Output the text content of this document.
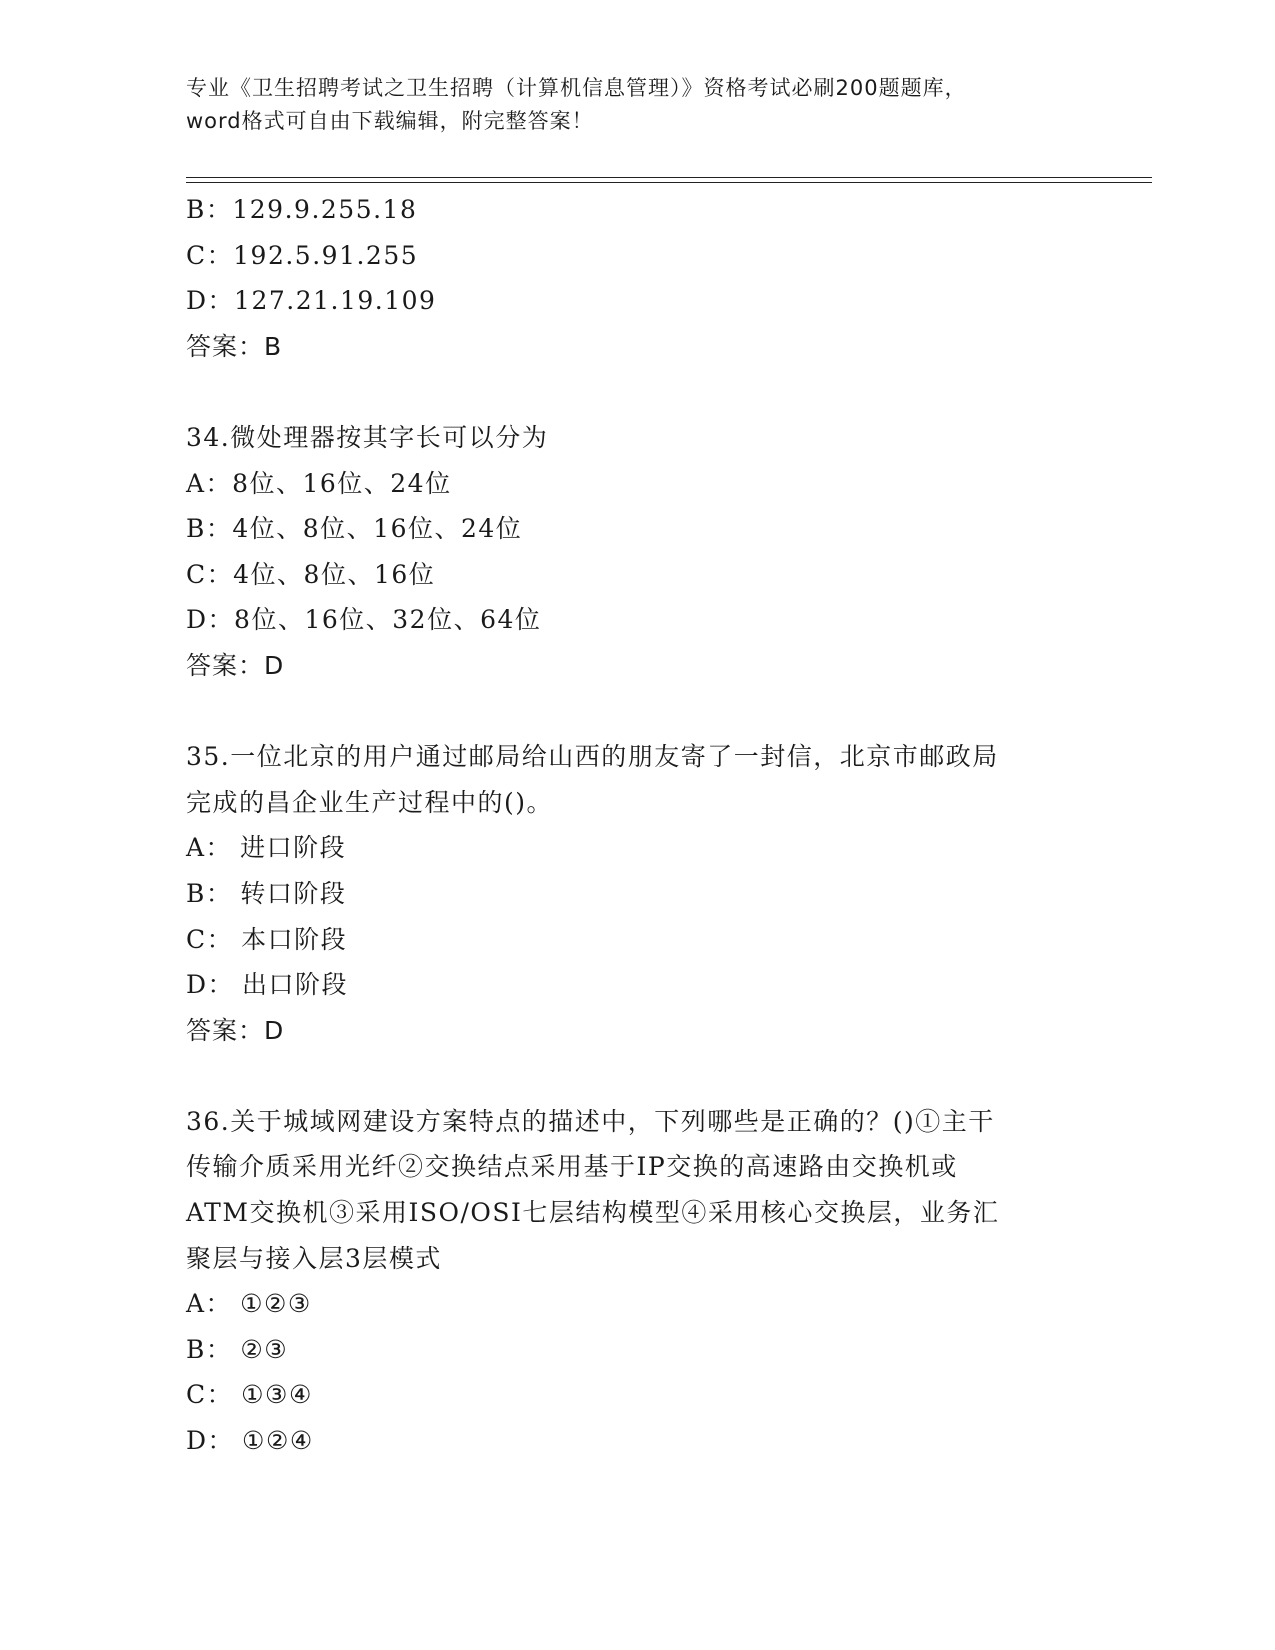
专业《卫生招聘考试之卫生招聘（计算机信息管理）》资格考试必刷200题题库，
word格式可自由下载编辑，附完整答案！
B：129.9.255.18
C：192.5.91.255
D：127.21.19.109
答案：B
34.微处理器按其字长可以分为
A：8位、16位、24位
B：4位、8位、16位、24位
C：4位、8位、16位
D：8位、16位、32位、64位
答案：D
35.一位北京的用户通过邮局给山西的朋友寄了一封信，北京市邮政局
完成的昌企业生产过程中的()。
A： 进口阶段
B： 转口阶段
C： 本口阶段
D： 出口阶段
答案：D
36.关于城域网建设方案特点的描述中，下列哪些是正确的？()①主干
传输介质采用光纤②交换结点采用基于IP交换的高速路由交换机或
ATM交换机③采用ISO/OSI七层结构模型④采用核心交换层，业务汇
聚层与接入层3层模式
A： ①②③
B： ②③
C： ①③④
D： ①②④
